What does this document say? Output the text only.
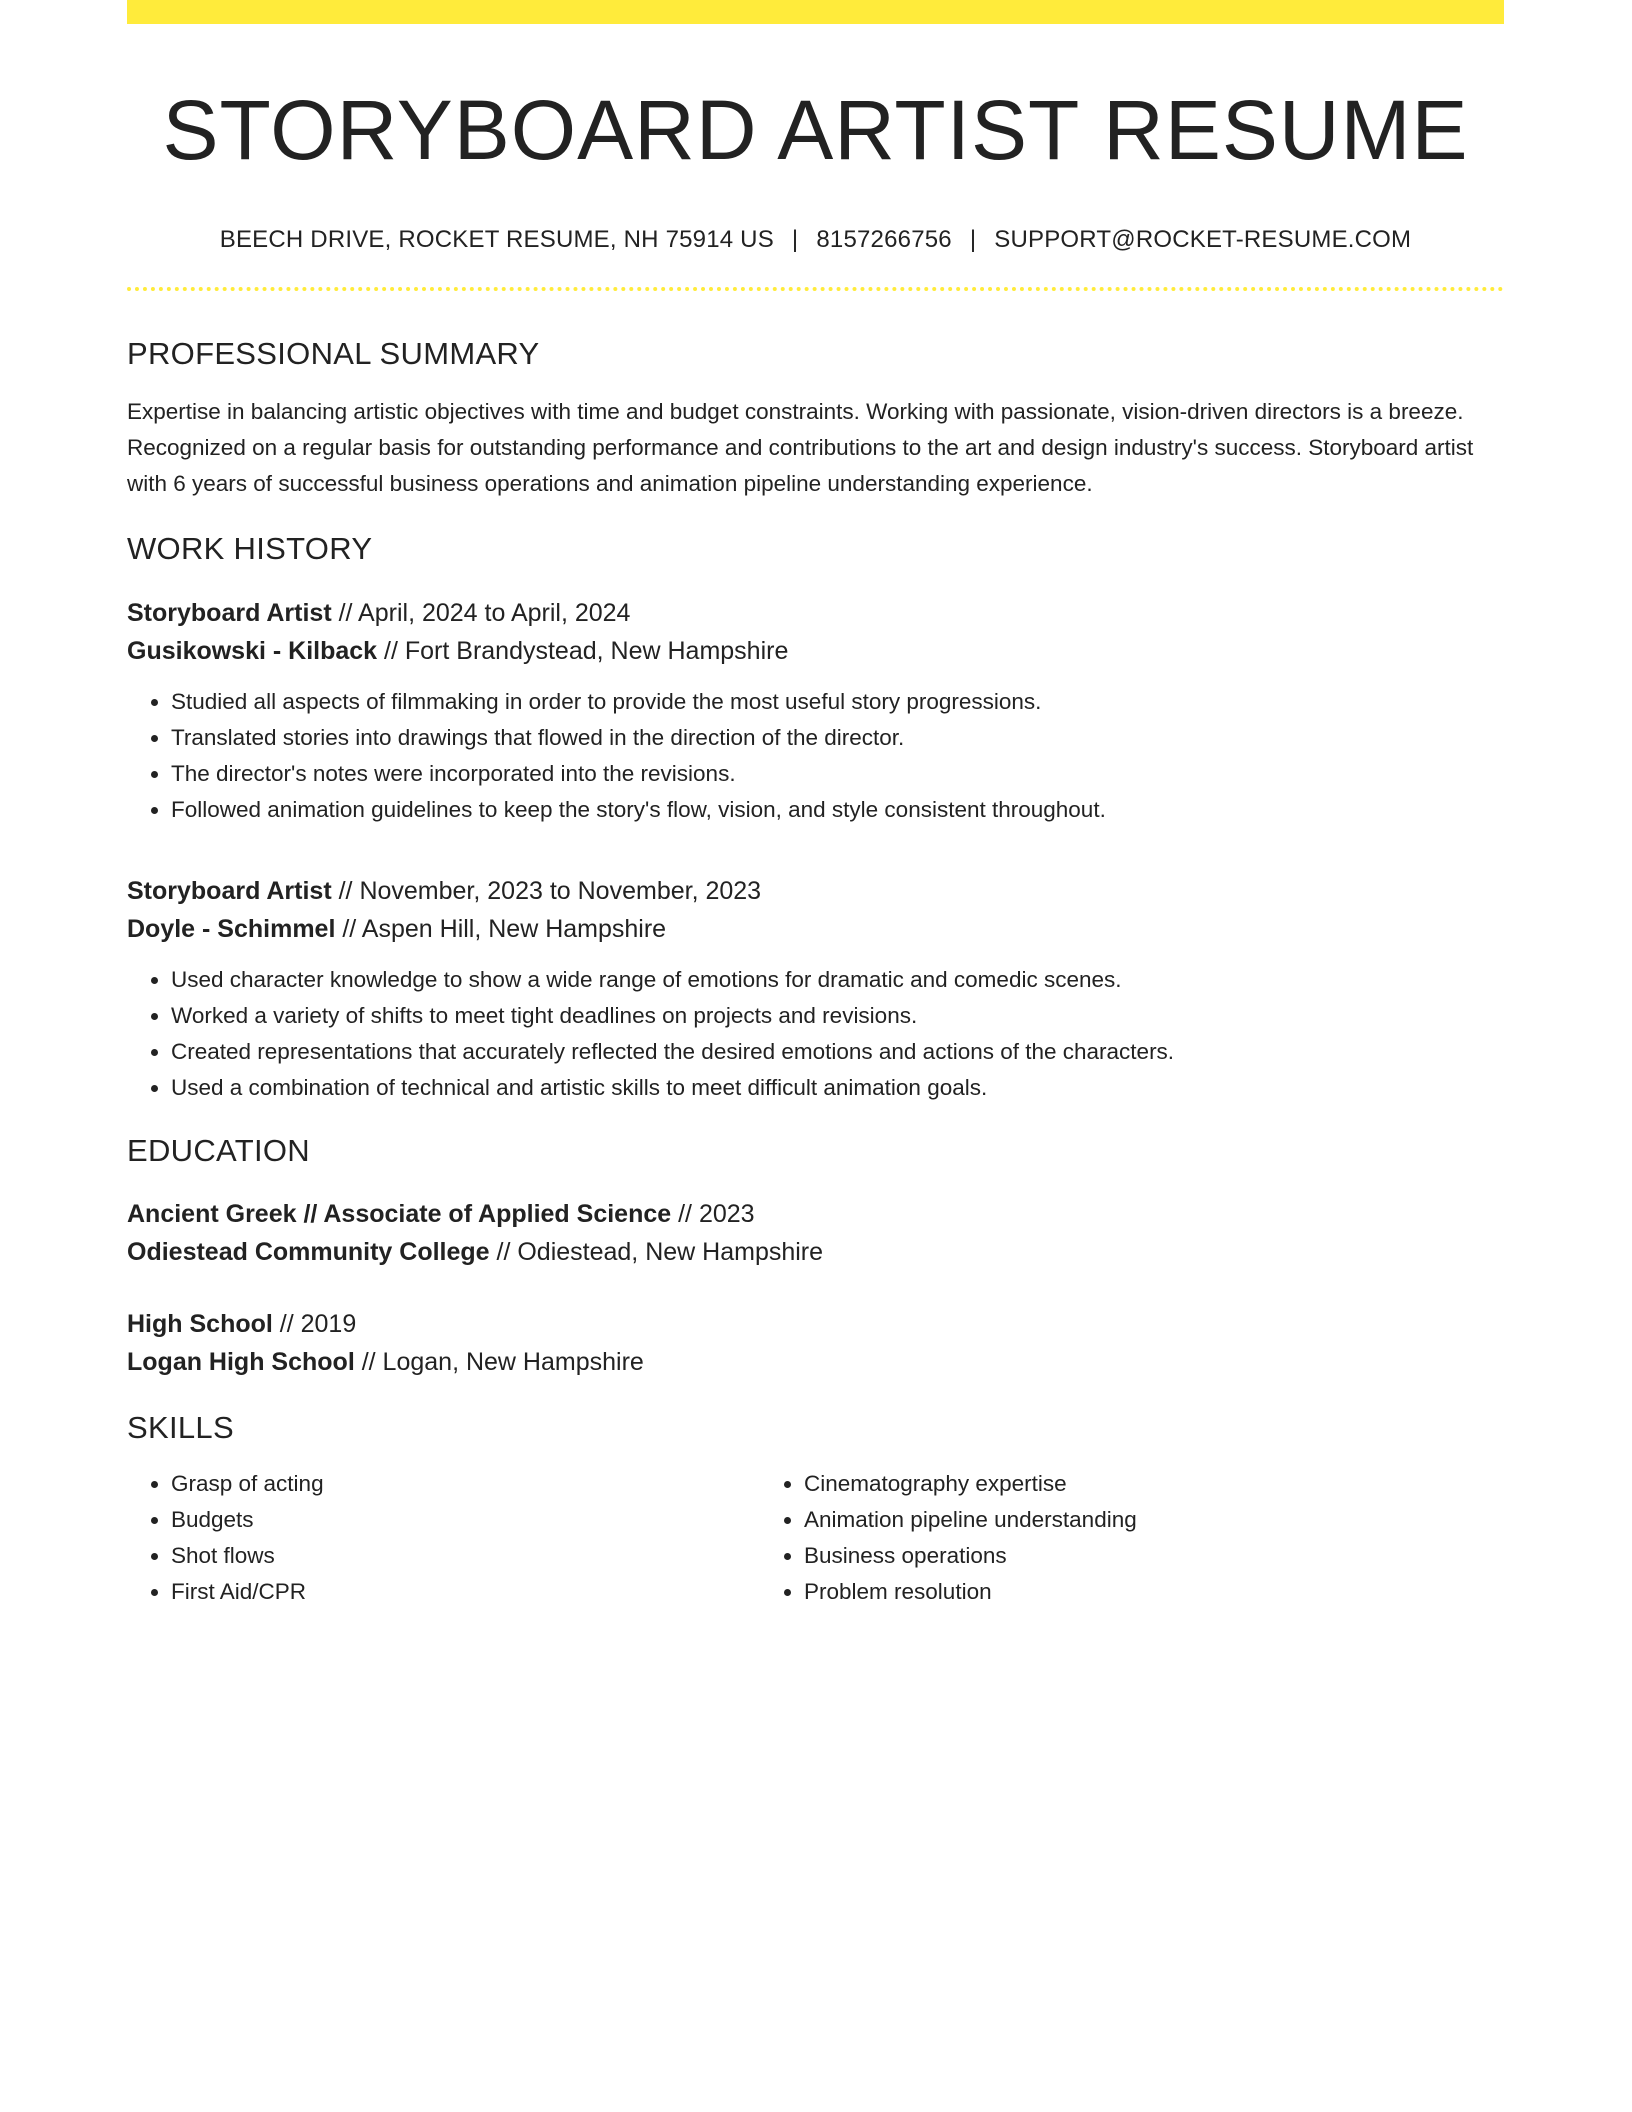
STORYBOARD ARTIST RESUME
BEECH DRIVE, ROCKET RESUME, NH 75914 US | 8157266756 | SUPPORT@ROCKET-RESUME.COM
PROFESSIONAL SUMMARY
Expertise in balancing artistic objectives with time and budget constraints. Working with passionate, vision-driven directors is a breeze. Recognized on a regular basis for outstanding performance and contributions to the art and design industry's success. Storyboard artist with 6 years of successful business operations and animation pipeline understanding experience.
WORK HISTORY
Storyboard Artist // April, 2024 to April, 2024
Gusikowski - Kilback // Fort Brandystead, New Hampshire
• Studied all aspects of filmmaking in order to provide the most useful story progressions.
• Translated stories into drawings that flowed in the direction of the director.
• The director's notes were incorporated into the revisions.
• Followed animation guidelines to keep the story's flow, vision, and style consistent throughout.
Storyboard Artist // November, 2023 to November, 2023
Doyle - Schimmel // Aspen Hill, New Hampshire
• Used character knowledge to show a wide range of emotions for dramatic and comedic scenes.
• Worked a variety of shifts to meet tight deadlines on projects and revisions.
• Created representations that accurately reflected the desired emotions and actions of the characters.
• Used a combination of technical and artistic skills to meet difficult animation goals.
EDUCATION
Ancient Greek // Associate of Applied Science // 2023
Odiestead Community College // Odiestead, New Hampshire
High School // 2019
Logan High School // Logan, New Hampshire
SKILLS
• Grasp of acting
• Budgets
• Shot flows
• First Aid/CPR
• Cinematography expertise
• Animation pipeline understanding
• Business operations
• Problem resolution
